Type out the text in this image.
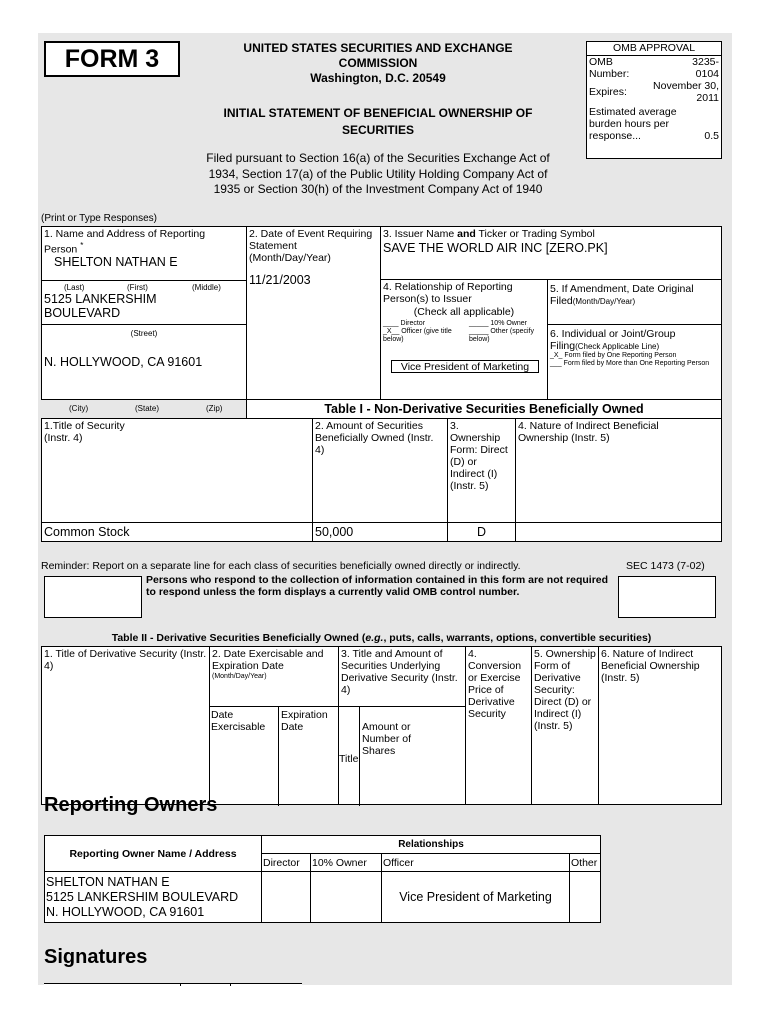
FORM 3	UNITED STATES SECURITIES AND EXCHANGE
COMMISSION
Washington, D.C. 20549
INITIAL STATEMENT OF BENEFICIAL OWNERSHIP OF
SECURITIES
Filed pursuant to Section 16(a) of the Securities Exchange Act of
1934, Section 17(a) of the Public Utility Holding Company Act of
1935 or Section 30(h) of the Investment Company Act of 1940
OMB APPROVAL
OMB Number:
3235-0104
Expires:	November 30, 2011
Estimated average burden hours per response...	0.5
(Print or Type Responses)
1. Name and Address of Reporting Person *
SHELTON NATHAN E
(Last)	(First)	(Middle)
5125 LANKERSHIM BOULEVARD
(Street)
N. HOLLYWOOD, CA 91601
(City)	(State)	(Zip)
2. Date of Event Requiring Statement (Month/Day/Year)
11/21/2003
3. Issuer Name and Ticker or Trading Symbol
SAVE THE WORLD AIR INC [ZERO.PK]
4. Relationship of Reporting Person(s) to Issuer
(Check all applicable)
____ Director	_____ 10% Owner
_X__ Officer (give title below)
_____ Other (specify below)
Vice President of Marketing
5. If Amendment, Date Original Filed(Month/Day/Year)
6. Individual or Joint/Group Filing(Check Applicable Line)
_X_ Form filed by One Reporting Person
___ Form filed by More than One Reporting Person
Table I - Non-Derivative Securities Beneficially Owned
1.Title of Security (Instr. 4)
2. Amount of Securities Beneficially Owned (Instr. 4)
3. Ownership Form: Direct (D) or Indirect (I) (Instr. 5)
4. Nature of Indirect Beneficial Ownership (Instr. 5)
Common Stock	50,000	D
Reminder: Report on a separate line for each class of securities beneficially owned directly or indirectly.	SEC 1473 (7-02)
Persons who respond to the collection of information contained in this form are not required to respond unless the form displays a currently valid OMB control number.
Table II - Derivative Securities Beneficially Owned (e.g., puts, calls, warrants, options, convertible securities)
1. Title of Derivative Security (Instr. 4)
2. Date Exercisable and Expiration Date
(Month/Day/Year)
Date Exercisable
Expiration Date
3. Title and Amount of Securities Underlying Derivative Security (Instr. 4)
Title
Amount or Number of Shares
4. Conversion or Exercise Price of Derivative Security
5. Ownership Form of Derivative Security: Direct (D) or Indirect (I) (Instr. 5)
6. Nature of Indirect Beneficial Ownership (Instr. 5)
Reporting Owners
Reporting Owner Name / Address	Relationships			
	Director	10% Owner	Officer	Other

SHELTON NATHAN E
5125 LANKERSHIM BOULEVARD
N. HOLLYWOOD, CA 91601			Vice President of Marketing	
Signatures
